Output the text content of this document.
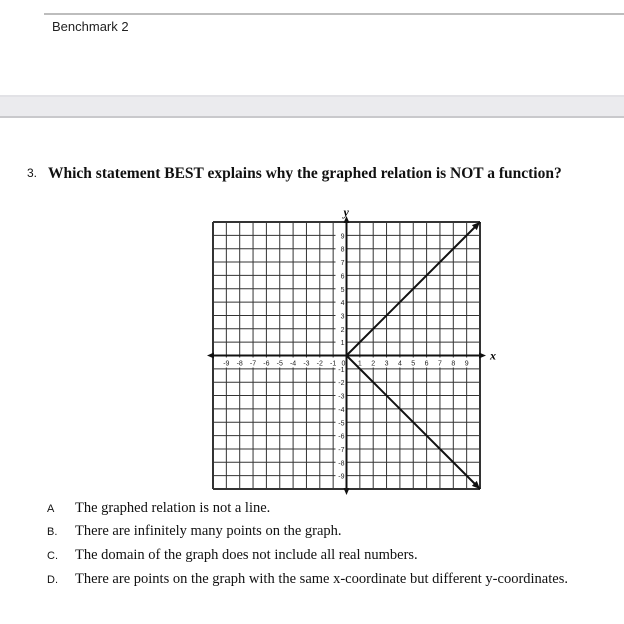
Benchmark 2
3. Which statement BEST explains why the graphed relation is NOT a function?
-9 -8 -7 -6 -5 -4 -3 -2 -1 0 1 2 3 4 5 6 7 8 9
9
8
7
6
5
4
3
2
1
-1
-2
-3
-4
-5
-6
-7
-8
-9
x
y
A The graphed relation is not a line.
B. There are infinitely many points on the graph.
C. The domain of the graph does not include all real numbers.
D. There are points on the graph with the same x-coordinate but different y-coordinates.
